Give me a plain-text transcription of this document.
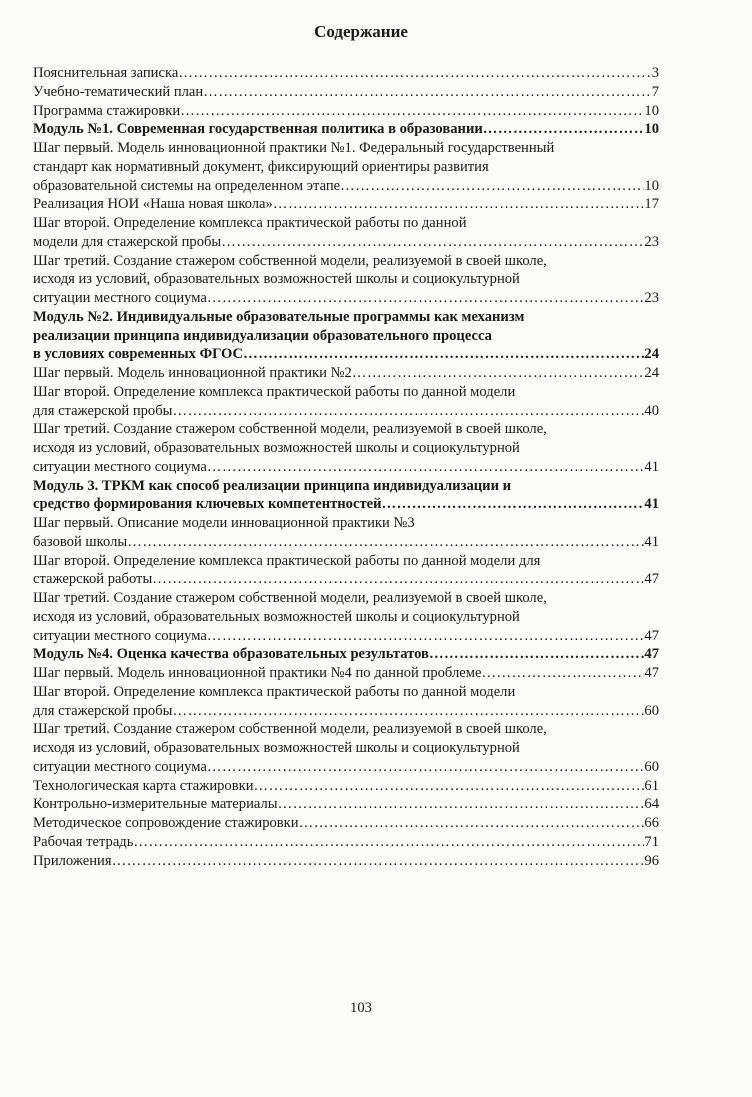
Содержание
Пояснительная записка ……………………………………………………………………………………………………………………………………………………………………………	3
Учебно-тематический план ……………………………………………………………………………………………………………………………………………………………………………	7
Программа стажировки ……………………………………………………………………………………………………………………………………………………………………………	10
Модуль №1. Современная государственная политика в образовании ……………………………………………………………………………………………………………………………………………………………………………	10
Шаг первый. Модель инновационной практики №1. Федеральный государственный
стандарт как нормативный документ, фиксирующий ориентиры развития
образовательной системы на определенном этапе ……………………………………………………………………………………………………………………………………………………………………………	10
Реализация НОИ «Наша новая школа» ……………………………………………………………………………………………………………………………………………………………………………	17
Шаг второй. Определение комплекса практической работы по данной
модели для стажерской пробы ……………………………………………………………………………………………………………………………………………………………………………	23
Шаг третий. Создание стажером собственной модели, реализуемой в своей школе,
исходя из условий, образовательных возможностей школы и социокультурной
ситуации местного социума ……………………………………………………………………………………………………………………………………………………………………………	23
Модуль №2. Индивидуальные образовательные программы как механизм
реализации принципа индивидуализации образовательного процесса
в условиях современных ФГОС ……………………………………………………………………………………………………………………………………………………………………………	24
Шаг первый. Модель инновационной практики №2 ……………………………………………………………………………………………………………………………………………………………………………	24
Шаг второй. Определение комплекса практической работы по данной модели
для стажерской пробы ……………………………………………………………………………………………………………………………………………………………………………	40
Шаг третий. Создание стажером собственной модели, реализуемой в своей школе,
исходя из условий, образовательных возможностей школы и социокультурной
ситуации местного социума ……………………………………………………………………………………………………………………………………………………………………………	41
Модуль 3. ТРКМ как способ реализации принципа индивидуализации и
средство формирования ключевых компетентностей ……………………………………………………………………………………………………………………………………………………………………………	41
Шаг первый. Описание модели инновационной практики №3
базовой школы ……………………………………………………………………………………………………………………………………………………………………………	41
Шаг второй. Определение комплекса практической работы по данной модели для
стажерской работы ……………………………………………………………………………………………………………………………………………………………………………	47
Шаг третий. Создание стажером собственной модели, реализуемой в своей школе,
исходя из условий, образовательных возможностей школы и социокультурной
ситуации местного социума ……………………………………………………………………………………………………………………………………………………………………………	47
Модуль №4. Оценка качества образовательных результатов ……………………………………………………………………………………………………………………………………………………………………………	47
Шаг первый. Модель инновационной практики №4 по данной проблеме ……………………………………………………………………………………………………………………………………………………………………………	47
Шаг второй. Определение комплекса практической работы по данной модели
для стажерской пробы ……………………………………………………………………………………………………………………………………………………………………………	60
Шаг третий. Создание стажером собственной модели, реализуемой в своей школе,
исходя из условий, образовательных возможностей школы и социокультурной
ситуации местного социума ……………………………………………………………………………………………………………………………………………………………………………	60
Технологическая карта стажировки ……………………………………………………………………………………………………………………………………………………………………………	61
Контрольно-измерительные материалы ……………………………………………………………………………………………………………………………………………………………………………	64
Методическое сопровождение стажировки ……………………………………………………………………………………………………………………………………………………………………………	66
Рабочая тетрадь ……………………………………………………………………………………………………………………………………………………………………………	71
Приложения ……………………………………………………………………………………………………………………………………………………………………………	96
103
